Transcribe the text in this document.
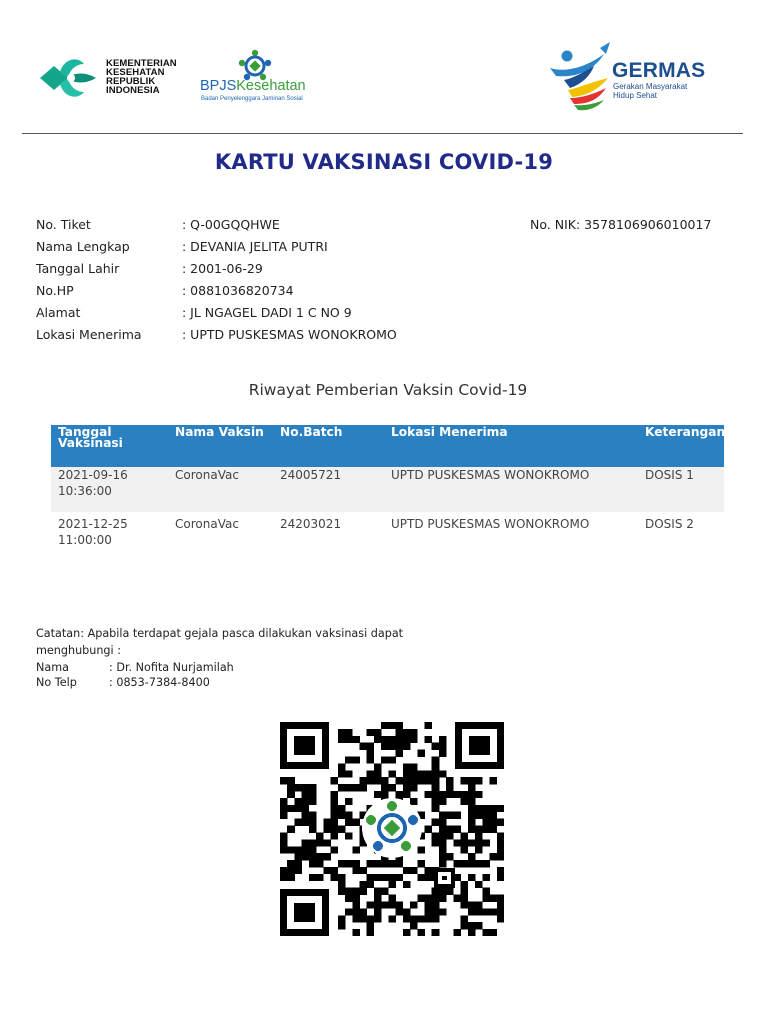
KEMENTERIAN
KESEHATAN
REPUBLIK
INDONESIA	BPJSKesehatan
Badan Penyelenggara Jaminan Sosial
GERMAS
Gerakan Masyarakat
Hidup Sehat
KARTU VAKSINASI COVID-19
No. Tiket	: Q-00GQQHWE	No. NIK: 3578106906010017
Nama Lengkap	: DEVANIA JELITA PUTRI
Tanggal Lahir	: 2001-06-29
No.HP	: 0881036820734
Alamat	: JL NGAGEL DADI 1 C NO 9
Lokasi Menerima	: UPTD PUSKESMAS WONOKROMO
Riwayat Pemberian Vaksin Covid-19
Tanggal Vaksinasi	Nama Vaksin	No.Batch	Lokasi Menerima	Keterangan
2021-09-16 10:36:00	CoronaVac	24005721	UPTD PUSKESMAS WONOKROMO	DOSIS 1
2021-12-25 11:00:00	CoronaVac	24203021	UPTD PUSKESMAS WONOKROMO	DOSIS 2
Catatan: Apabila terdapat gejala pasca dilakukan vaksinasi dapat menghubungi :
Nama	: Dr. Nofita Nurjamilah
No Telp	: 0853-7384-8400
